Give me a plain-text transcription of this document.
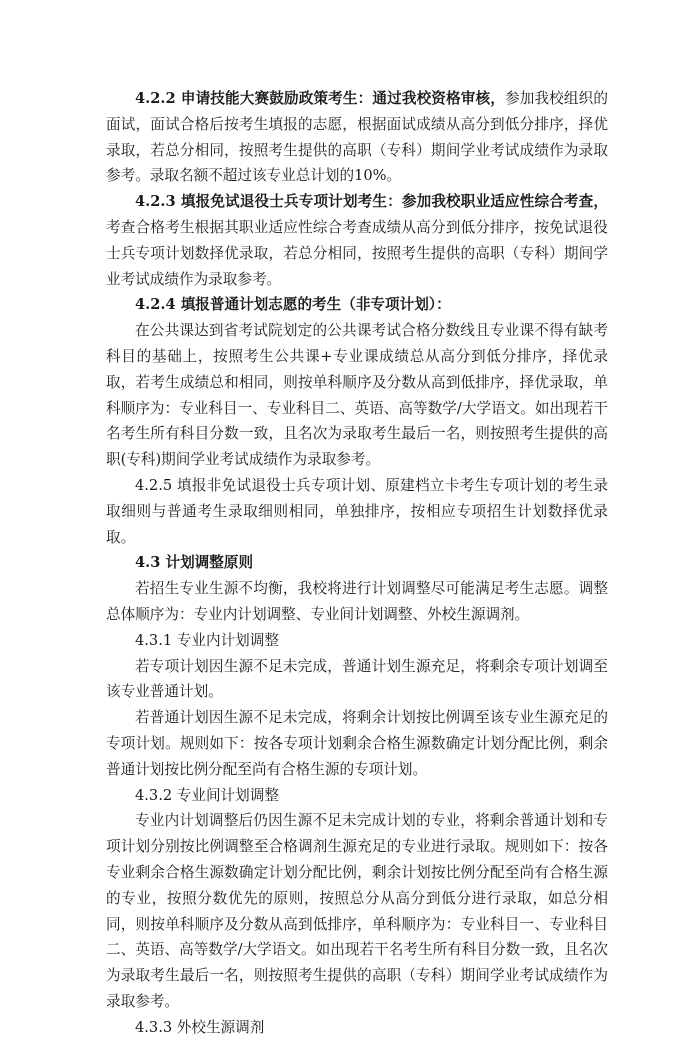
4.2.2 申请技能大赛鼓励政策考生：通过我校资格审核，参加我校组织的面试，面试合格后按考生填报的志愿，根据面试成绩从高分到低分排序，择优录取，若总分相同，按照考生提供的高职（专科）期间学业考试成绩作为录取参考。录取名额不超过该专业总计划的10%。

4.2.3 填报免试退役士兵专项计划考生：参加我校职业适应性综合考查，考查合格考生根据其职业适应性综合考查成绩从高分到低分排序，按免试退役士兵专项计划数择优录取，若总分相同，按照考生提供的高职（专科）期间学业考试成绩作为录取参考。

4.2.4 填报普通计划志愿的考生（非专项计划）：

在公共课达到省考试院划定的公共课考试合格分数线且专业课不得有缺考科目的基础上，按照考生公共课+专业课成绩总从高分到低分排序，择优录取，若考生成绩总和相同，则按单科顺序及分数从高到低排序，择优录取，单科顺序为：专业科目一、专业科目二、英语、高等数学/大学语文。如出现若干名考生所有科目分数一致，且名次为录取考生最后一名，则按照考生提供的高职(专科)期间学业考试成绩作为录取参考。

4.2.5 填报非免试退役士兵专项计划、原建档立卡考生专项计划的考生录取细则与普通考生录取细则相同，单独排序，按相应专项招生计划数择优录取。

4.3 计划调整原则

若招生专业生源不均衡，我校将进行计划调整尽可能满足考生志愿。调整总体顺序为：专业内计划调整、专业间计划调整、外校生源调剂。

4.3.1 专业内计划调整

若专项计划因生源不足未完成，普通计划生源充足，将剩余专项计划调至该专业普通计划。

若普通计划因生源不足未完成，将剩余计划按比例调至该专业生源充足的专项计划。规则如下：按各专项计划剩余合格生源数确定计划分配比例，剩余普通计划按比例分配至尚有合格生源的专项计划。

4.3.2 专业间计划调整

专业内计划调整后仍因生源不足未完成计划的专业，将剩余普通计划和专项计划分别按比例调整至合格调剂生源充足的专业进行录取。规则如下：按各专业剩余合格生源数确定计划分配比例，剩余计划按比例分配至尚有合格生源的专业，按照分数优先的原则，按照总分从高分到低分进行录取，如总分相同，则按单科顺序及分数从高到低排序，单科顺序为：专业科目一、专业科目二、英语、高等数学/大学语文。如出现若干名考生所有科目分数一致，且名次为录取考生最后一名，则按照考生提供的高职（专科）期间学业考试成绩作为录取参考。

4.3.3 外校生源调剂
